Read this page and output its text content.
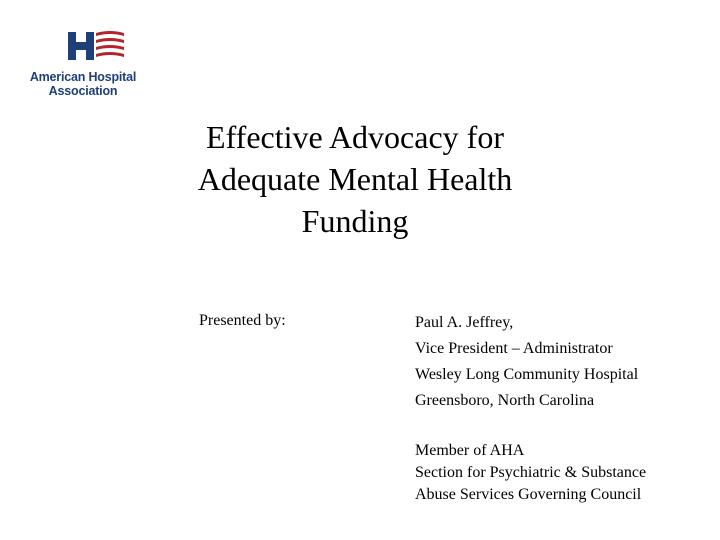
American Hospital
Association
Effective Advocacy for
Adequate Mental Health
Funding
Presented by:	Paul A. Jeffrey,
Vice President – Administrator
Wesley Long Community Hospital
Greensboro, North Carolina
Member of AHA
Section for Psychiatric & Substance
Abuse Services Governing Council
